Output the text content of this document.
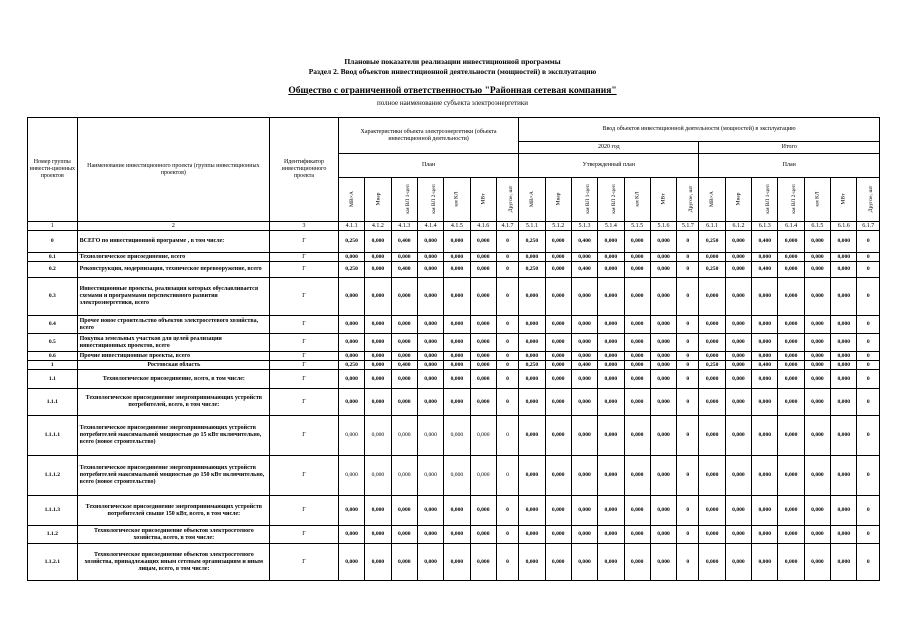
Плановые показатели реализации инвестиционной программы
Раздел 2. Ввод объектов инвестиционной деятельности (мощностей) в эксплуатацию
Общество с ограниченной ответственностью "Районная сетевая компания"
полное наименование субъекта электроэнергетики
Номер группы инвести-ционных проектов	Наименование инвестиционного проекта (группы инвестиционных проектов)	Идентификатор инвестиционного проекта	Характеристики объекта электроэнергетики (объекта инвестиционной деятельности)							Ввод объектов инвестиционной деятельности (мощностей) в эксплуатацию													
										2020 год							Итого						
			План							Утвержденный план							План						
			МВ×А	Мвар	км ВЛ 1-цеп	км ВЛ 2-цеп	км КЛ	МВт	Другое, шт	МВ×А	Мвар	км ВЛ 1-цеп	км ВЛ 2-цеп	км КЛ	МВт	Другое, шт	МВ×А	Мвар	км ВЛ 1-цеп	км ВЛ 2-цеп	км КЛ	МВт	Другое, шт
1	2	3	4.1.1	4.1.2	4.1.3	4.1.4	4.1.5	4.1.6	4.1.7	5.1.1	5.1.2	5.1.3	5.1.4	5.1.5	5.1.6	5.1.7	6.1.1	6.1.2	6.1.3	6.1.4	6.1.5	6.1.6	6.1.7
0	ВСЕГО по инвестиционной программе , в том числе:	Г	0,250	0,000	0,400	0,000	0,000	0,000	0	0,250	0,000	0,400	0,000	0,000	0,000	0	0,250	0,000	0,400	0,000	0,000	0,000	0
0.1	Технологическое присоединение, всего	Г	0,000	0,000	0,000	0,000	0,000	0,000	0	0,000	0,000	0,000	0,000	0,000	0,000	0	0,000	0,000	0,000	0,000	0,000	0,000	0
0.2	Реконструкция, модернизация, техническое перевооружение, всего	Г	0,250	0,000	0,400	0,000	0,000	0,000	0	0,250	0,000	0,400	0,000	0,000	0,000	0	0,250	0,000	0,400	0,000	0,000	0,000	0
0.3	Инвестиционные проекты, реализация которых обуславливается схемами и программами перспективного развития электроэнергетики, всего	Г	0,000	0,000	0,000	0,000	0,000	0,000	0	0,000	0,000	0,000	0,000	0,000	0,000	0	0,000	0,000	0,000	0,000	0,000	0,000	0
0.4	Прочее новое строительство объектов электросетевого хозяйства, всего	Г	0,000	0,000	0,000	0,000	0,000	0,000	0	0,000	0,000	0,000	0,000	0,000	0,000	0	0,000	0,000	0,000	0,000	0,000	0,000	0
0.5	Покупка земельных участков для целей реализации инвестиционных проектов, всего	Г	0,000	0,000	0,000	0,000	0,000	0,000	0	0,000	0,000	0,000	0,000	0,000	0,000	0	0,000	0,000	0,000	0,000	0,000	0,000	0
0.6	Прочие инвестиционные проекты, всего	Г	0,000	0,000	0,000	0,000	0,000	0,000	0	0,000	0,000	0,000	0,000	0,000	0,000	0	0,000	0,000	0,000	0,000	0,000	0,000	0
1	Ростовская область	Г	0,250	0,000	0,400	0,000	0,000	0,000	0	0,250	0,000	0,400	0,000	0,000	0,000	0	0,250	0,000	0,400	0,000	0,000	0,000	0
1.1	Технологическое присоединение, всего, в том числе:	Г	0,000	0,000	0,000	0,000	0,000	0,000	0	0,000	0,000	0,000	0,000	0,000	0,000	0	0,000	0,000	0,000	0,000	0,000	0,000	0
1.1.1	Технологическое присоединение энергопринимающих устройств потребителей, всего, в том числе:	Г	0,000	0,000	0,000	0,000	0,000	0,000	0	0,000	0,000	0,000	0,000	0,000	0,000	0	0,000	0,000	0,000	0,000	0,000	0,000	0
1.1.1.1	Технологическое присоединение энергопринимающих устройств потребителей максимальной мощностью до 15 кВт включительно, всего (новое строительство)	Г	0,000	0,000	0,000	0,000	0,000	0,000	0	0,000	0,000	0,000	0,000	0,000	0,000	0	0,000	0,000	0,000	0,000	0,000	0,000	0
1.1.1.2	Технологическое присоединение энергопринимающих устройств потребителей максимальной мощностью до 150 кВт включительно, всего (новое строительство)	Г	0,000	0,000	0,000	0,000	0,000	0,000	0	0,000	0,000	0,000	0,000	0,000	0,000	0	0,000	0,000	0,000	0,000	0,000	0,000	0
1.1.1.3	Технологическое присоединение энергопринимающих устройств потребителей свыше 150 кВт, всего, в том числе:	Г	0,000	0,000	0,000	0,000	0,000	0,000	0	0,000	0,000	0,000	0,000	0,000	0,000	0	0,000	0,000	0,000	0,000	0,000	0,000	0
1.1.2	Технологическое присоединение объектов электросетевого хозяйства, всего, в том числе:	Г	0,000	0,000	0,000	0,000	0,000	0,000	0	0,000	0,000	0,000	0,000	0,000	0,000	0	0,000	0,000	0,000	0,000	0,000	0,000	0
1.1.2.1	Технологическое присоединение объектов электросетевого хозяйства, принадлежащих иным сетевым организациям и иным лицам, всего, в том числе:	Г	0,000	0,000	0,000	0,000	0,000	0,000	0	0,000	0,000	0,000	0,000	0,000	0,000	0	0,000	0,000	0,000	0,000	0,000	0,000	0
